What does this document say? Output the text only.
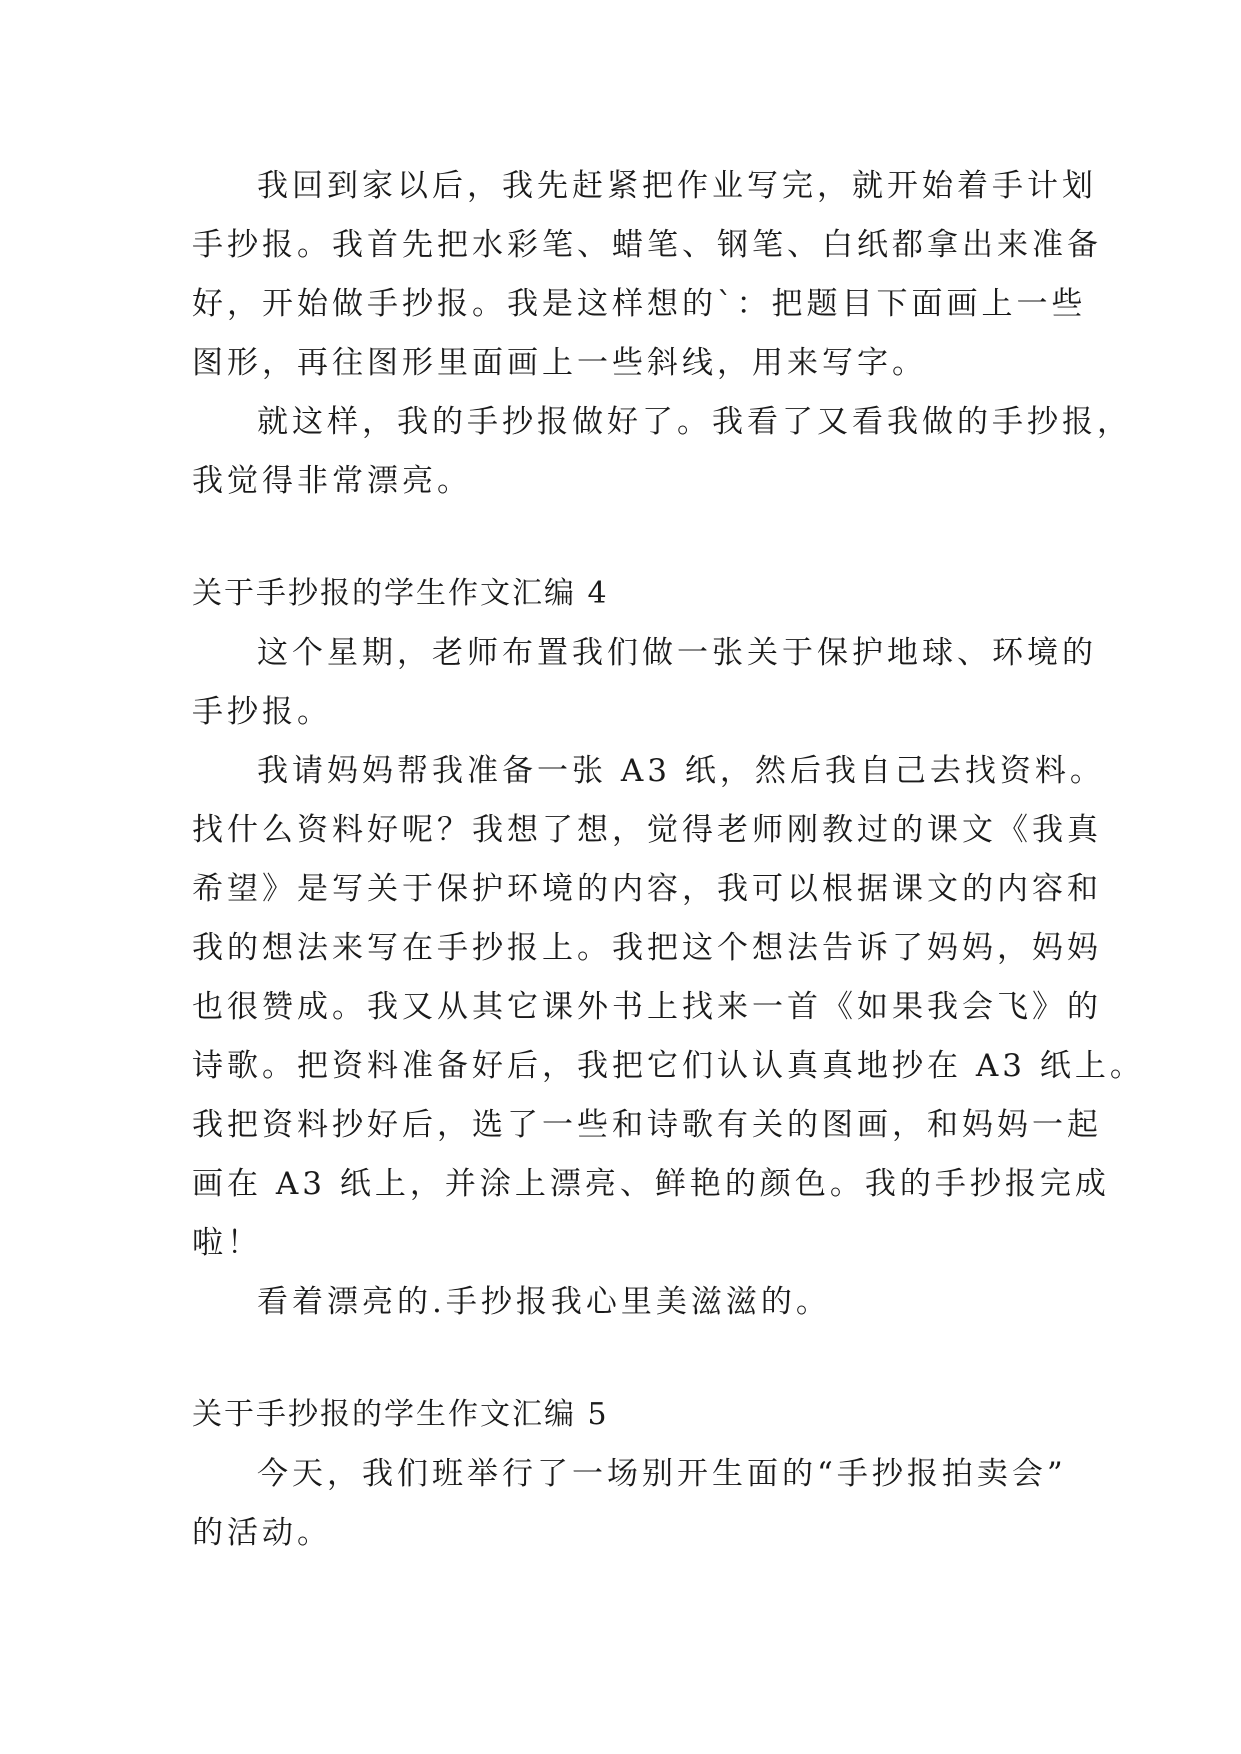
我回到家以后，我先赶紧把作业写完，就开始着手计划
手抄报。我首先把水彩笔、蜡笔、钢笔、白纸都拿出来准备
好，开始做手抄报。我是这样想的`：把题目下面画上一些
图形，再往图形里面画上一些斜线，用来写字。
就这样，我的手抄报做好了。我看了又看我做的手抄报，
我觉得非常漂亮。
关于手抄报的学生作文汇编 4
这个星期，老师布置我们做一张关于保护地球、环境的
手抄报。
我请妈妈帮我准备一张 A3 纸，然后我自己去找资料。
找什么资料好呢？我想了想，觉得老师刚教过的课文《我真
希望》是写关于保护环境的内容，我可以根据课文的内容和
我的想法来写在手抄报上。我把这个想法告诉了妈妈，妈妈
也很赞成。我又从其它课外书上找来一首《如果我会飞》的
诗歌。把资料准备好后，我把它们认认真真地抄在 A3 纸上。
我把资料抄好后，选了一些和诗歌有关的图画，和妈妈一起
画在 A3 纸上，并涂上漂亮、鲜艳的颜色。我的手抄报完成
啦！
看着漂亮的.手抄报我心里美滋滋的。
关于手抄报的学生作文汇编 5
今天，我们班举行了一场别开生面的“手抄报拍卖会”
的活动。
